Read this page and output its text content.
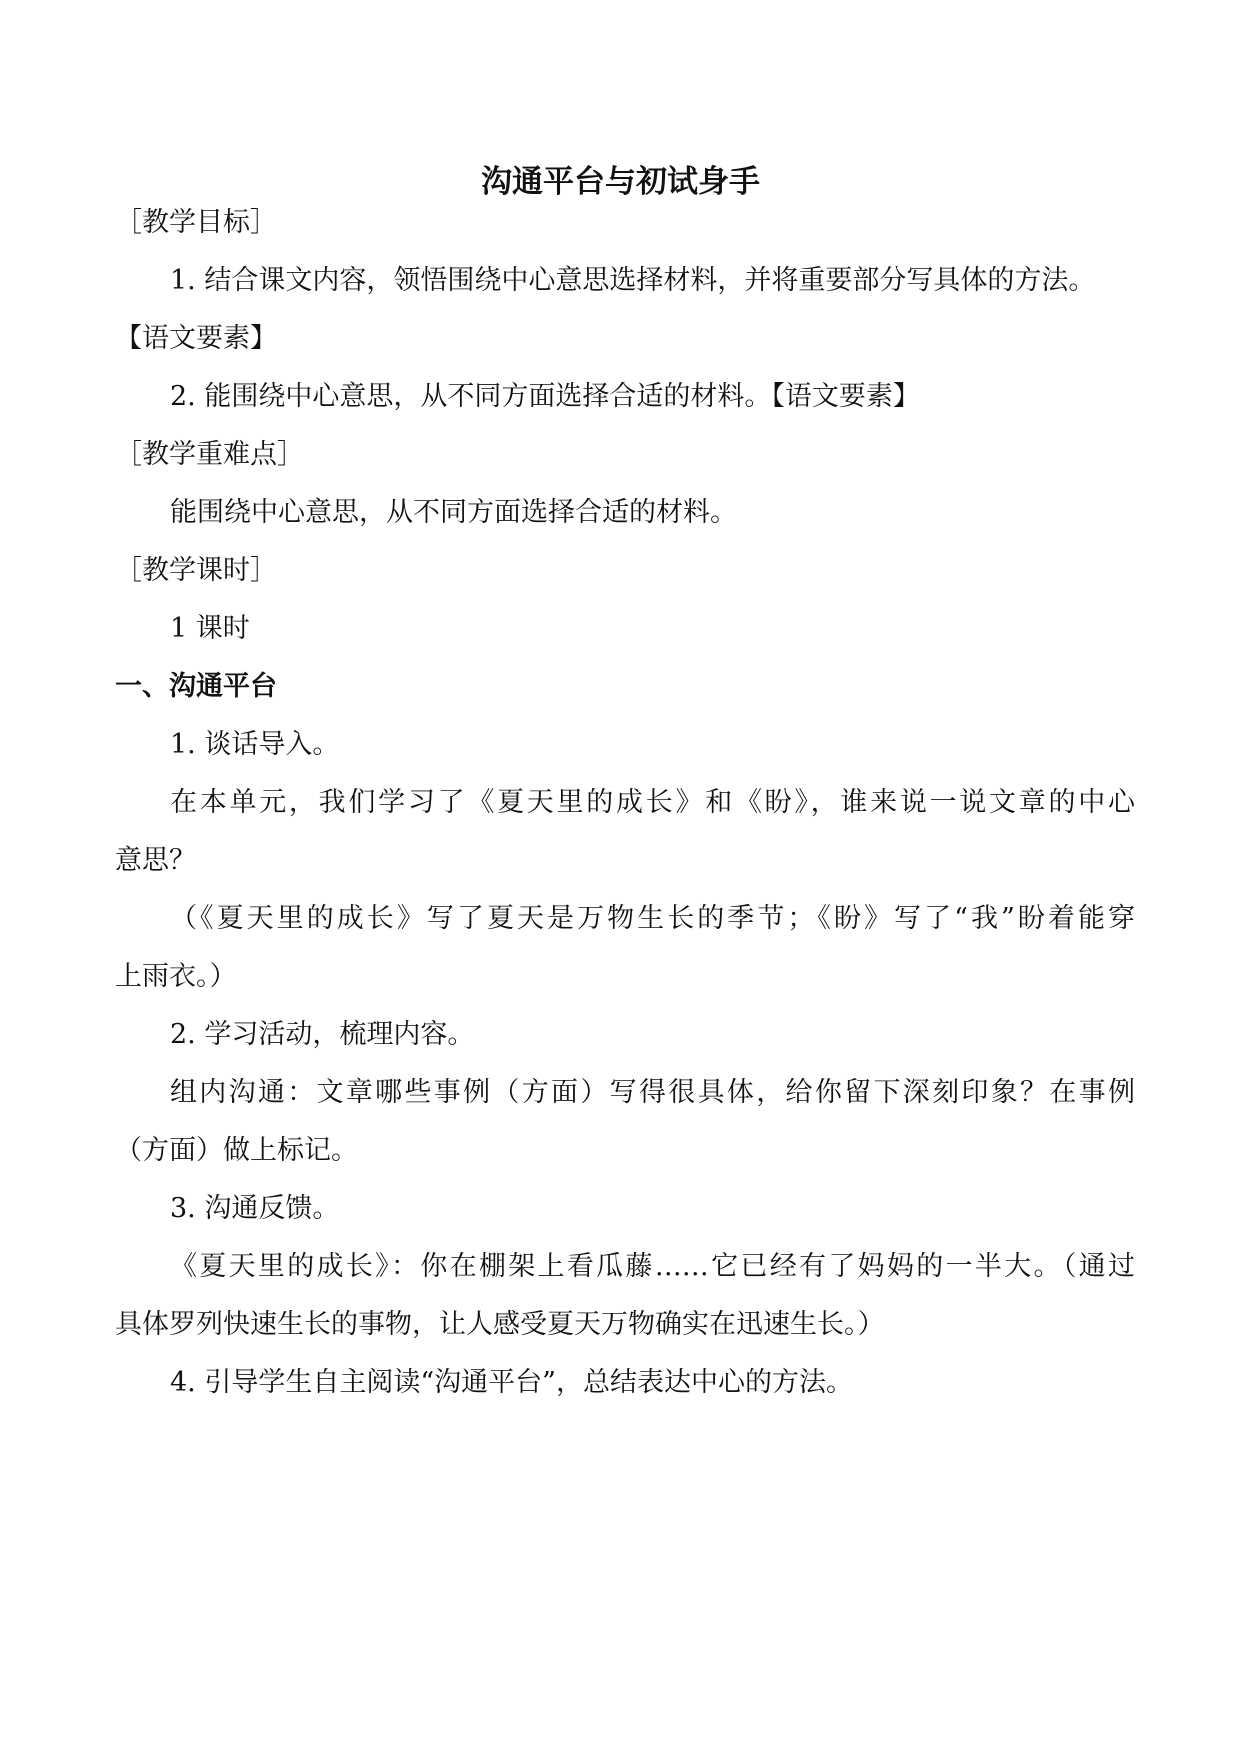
沟通平台与初试身手

［教学目标］

1. 结合课文内容，领悟围绕中心意思选择材料，并将重要部分写具体的方法。

【语文要素】

2. 能围绕中心意思，从不同方面选择合适的材料。【语文要素】

［教学重难点］

能围绕中心意思，从不同方面选择合适的材料。

［教学课时］

1 课时

一、沟通平台

1. 谈话导入。

在本单元，我们学习了《夏天里的成长》和《盼》，谁来说一说文章的中心

意思？

（《夏天里的成长》写了夏天是万物生长的季节；《盼》写了“我”盼着能穿

上雨衣。）

2. 学习活动，梳理内容。

组内沟通：文章哪些事例（方面）写得很具体，给你留下深刻印象？在事例

（方面）做上标记。

3. 沟通反馈。

《夏天里的成长》：你在棚架上看瓜藤……它已经有了妈妈的一半大。（通过

具体罗列快速生长的事物，让人感受夏天万物确实在迅速生长。）

4. 引导学生自主阅读“沟通平台”，总结表达中心的方法。
